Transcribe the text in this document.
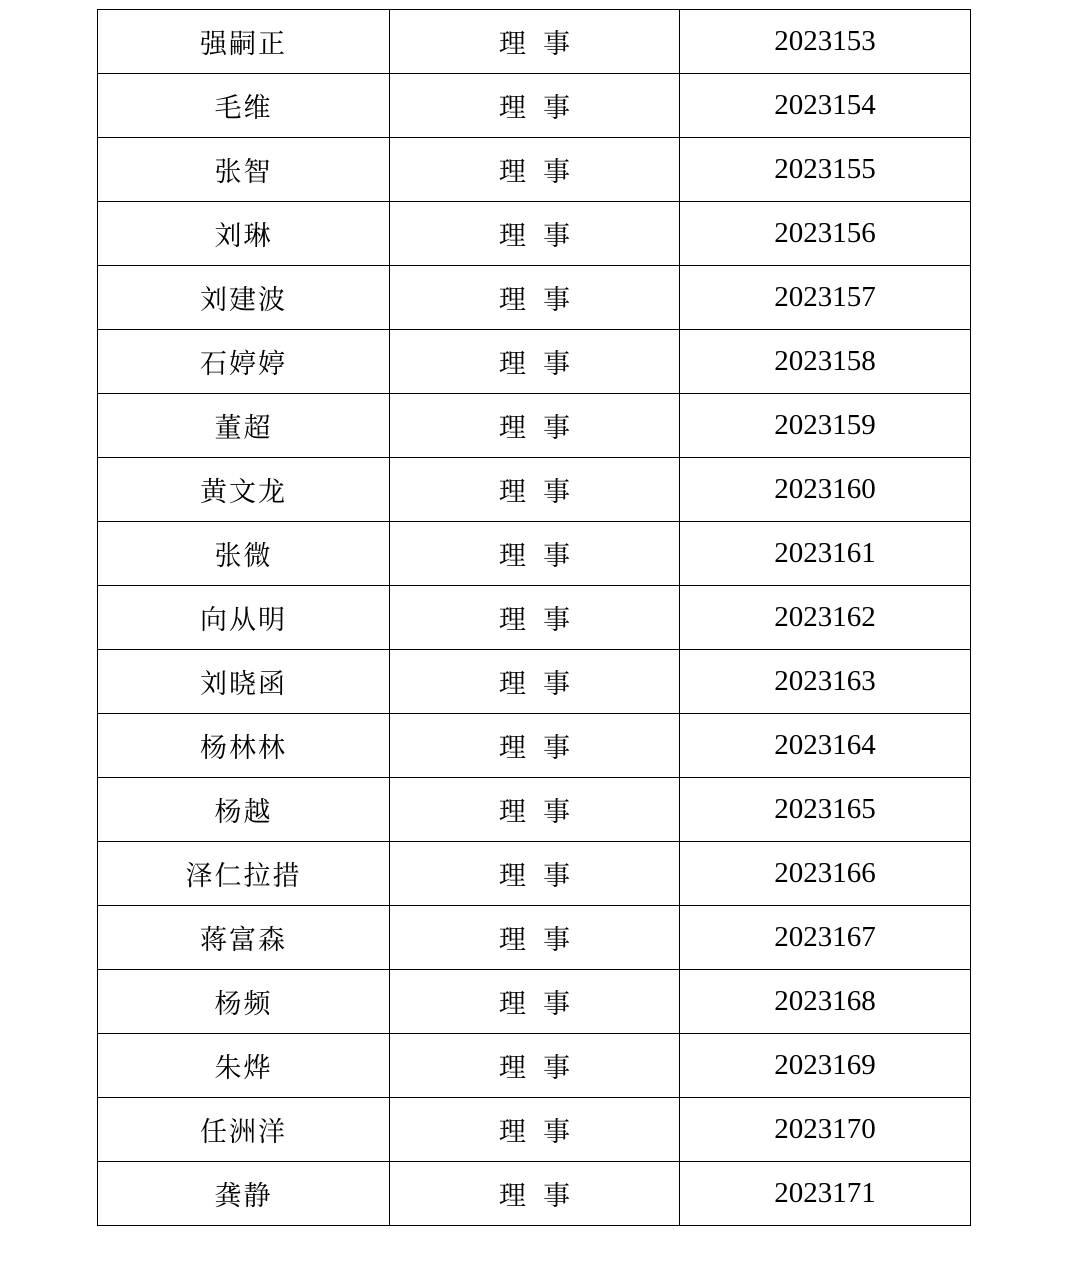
强嗣正	理  事	2023153
毛维	理  事	2023154
张智	理  事	2023155
刘琳	理  事	2023156
刘建波	理  事	2023157
石婷婷	理  事	2023158
董超	理  事	2023159
黄文龙	理  事	2023160
张微	理  事	2023161
向从明	理  事	2023162
刘晓函	理  事	2023163
杨林林	理  事	2023164
杨越	理  事	2023165
泽仁拉措	理  事	2023166
蒋富森	理  事	2023167
杨频	理  事	2023168
朱烨	理  事	2023169
任洲洋	理  事	2023170
龚静	理  事	2023171
